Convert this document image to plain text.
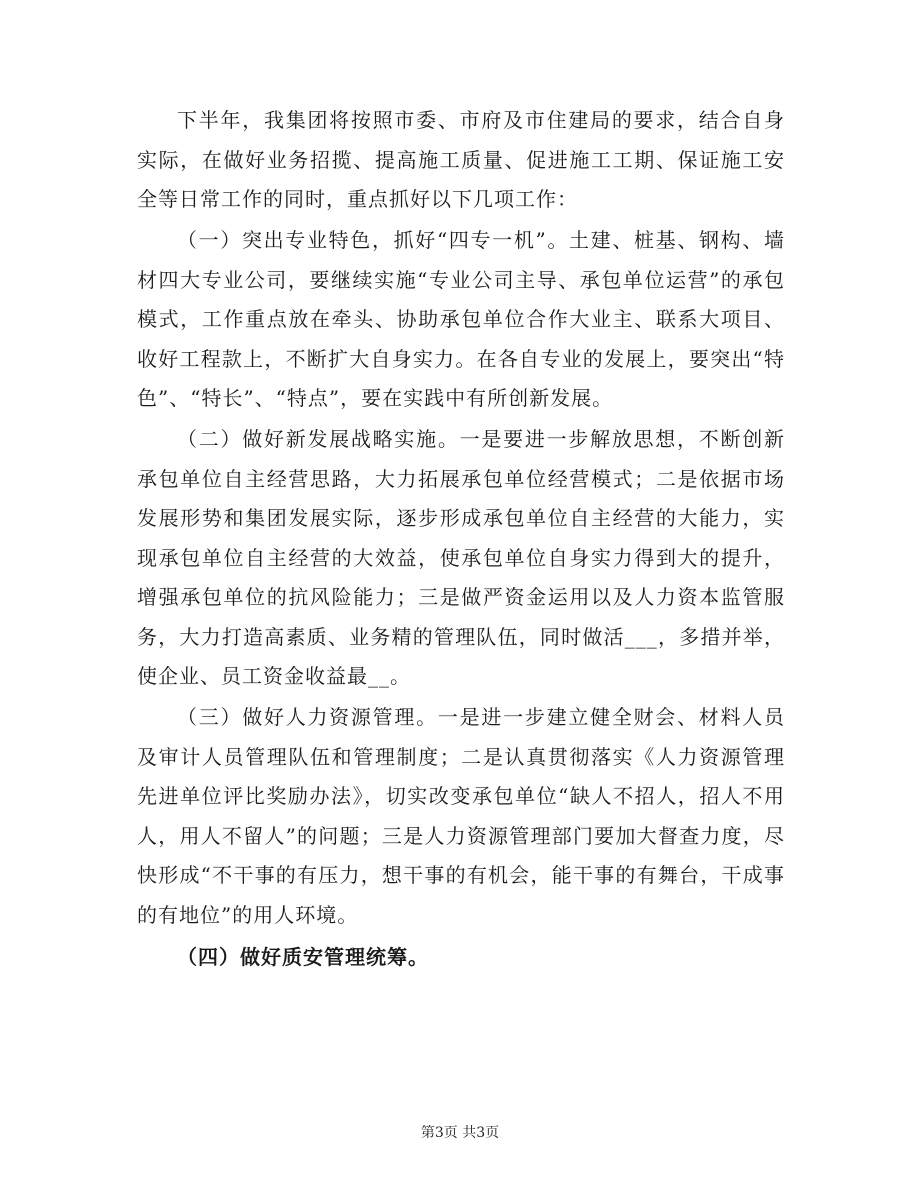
下半年，我集团将按照市委、市府及市住建局的要求，结合自身实际，在做好业务招揽、提高施工质量、促进施工工期、保证施工安全等日常工作的同时，重点抓好以下几项工作：

（一）突出专业特色，抓好“四专一机”。土建、桩基、钢构、墙材四大专业公司，要继续实施“专业公司主导、承包单位运营”的承包模式，工作重点放在牵头、协助承包单位合作大业主、联系大项目、收好工程款上，不断扩大自身实力。在各自专业的发展上，要突出“特色”、“特长”、“特点”，要在实践中有所创新发展。

（二）做好新发展战略实施。一是要进一步解放思想，不断创新承包单位自主经营思路，大力拓展承包单位经营模式；二是依据市场发展形势和集团发展实际，逐步形成承包单位自主经营的大能力，实现承包单位自主经营的大效益，使承包单位自身实力得到大的提升，增强承包单位的抗风险能力；三是做严资金运用以及人力资本监管服务，大力打造高素质、业务精的管理队伍，同时做活___，多措并举，使企业、员工资金收益最__。

（三）做好人力资源管理。一是进一步建立健全财会、材料人员及审计人员管理队伍和管理制度；二是认真贯彻落实《人力资源管理先进单位评比奖励办法》，切实改变承包单位“缺人不招人，招人不用人，用人不留人”的问题；三是人力资源管理部门要加大督查力度，尽快形成“不干事的有压力，想干事的有机会，能干事的有舞台，干成事的有地位”的用人环境。

（四）做好质安管理统筹。

第3页 共3页
